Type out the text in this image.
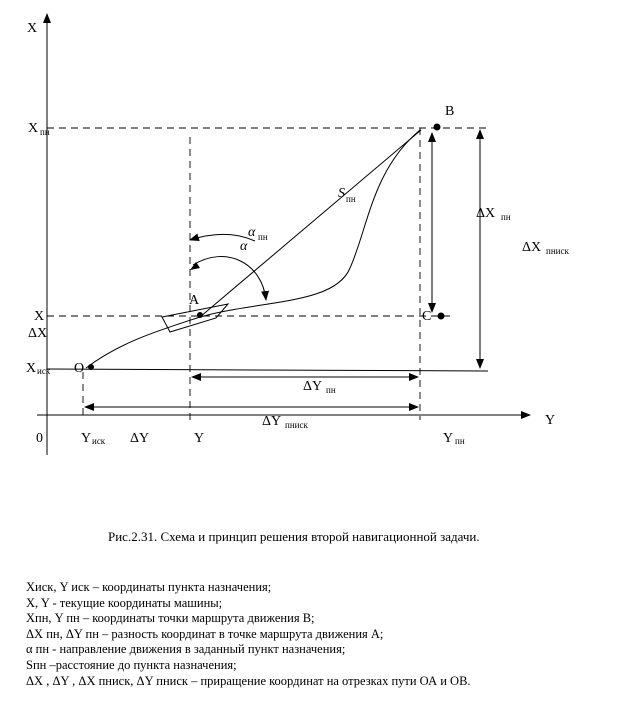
X
Y
0
X пн
X
ΔX
X иск O
A
B
C
S пн
α пн
α
ΔX пн
ΔX пниск
ΔY пн
ΔY пниск
Y иск ΔY	Y	Y пн
Рис.2.31. Схема и принцип решения второй навигационной задачи.
Xиск, Y иск – координаты пункта назначения;
X, Y - текущие координаты машины;
Xпн, Y пн – координаты точки маршрута движения B;
ΔX пн, ΔY пн – разность координат в точке маршрута движения A;
α пн - направление движения в заданный пункт назначения;
Sпн –расстояние до пункта назначения;
ΔX , ΔY , ΔX пниск, ΔY пниск – приращение координат на отрезках пути ОА и ОВ.
